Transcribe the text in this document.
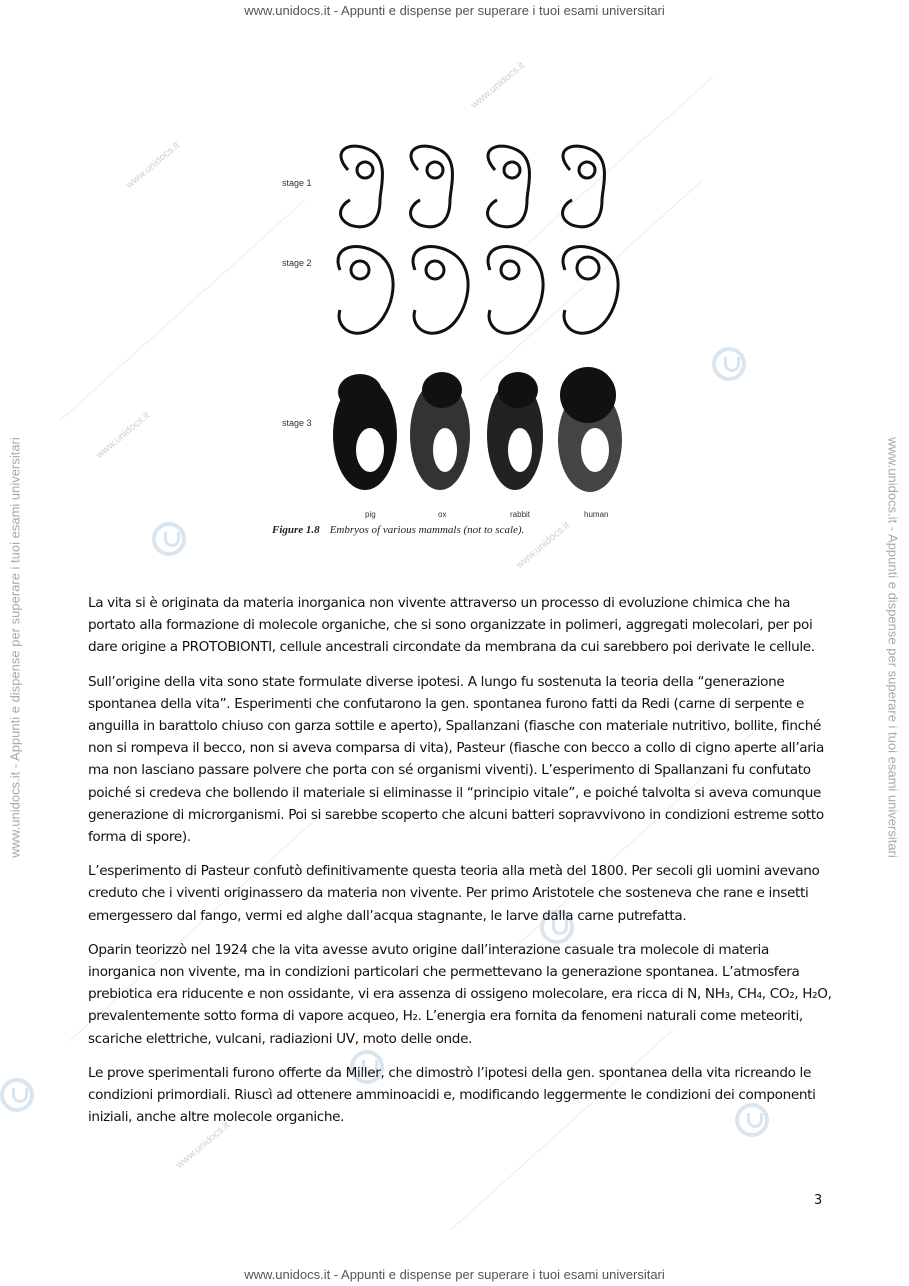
www.unidocs.it
www.unidocs.it
www.unidocs.it
www.unidocs.it
www.unidocs.it
www.unidocs.it - Appunti e dispense per superare i tuoi esami universitari
www.unidocs.it - Appunti e dispense per superare i tuoi esami universitari
www.unidocs.it - Appunti e dispense per superare i tuoi esami universitari	www.unidocs.it - Appunti e dispense per superare i tuoi esami universitari
stage 1
stage 2
stage 3
pig	ox	rabbit	human
Figure 1.8 Embryos of various mammals (not to scale).

La vita si è originata da materia inorganica non vivente attraverso un processo di evoluzione chimica che ha portato alla formazione di molecole organiche, che si sono organizzate in polimeri, aggregati molecolari, per poi dare origine a PROTOBIONTI, cellule ancestrali circondate da membrana da cui sarebbero poi derivate le cellule.

Sull’origine della vita sono state formulate diverse ipotesi. A lungo fu sostenuta la teoria della “generazione spontanea della vita”. Esperimenti che confutarono la gen. spontanea furono fatti da Redi (carne di serpente e anguilla in barattolo chiuso con garza sottile e aperto), Spallanzani (fiasche con materiale nutritivo, bollite, finché non si rompeva il becco, non si aveva comparsa di vita), Pasteur (fiasche con becco a collo di cigno aperte all’aria ma non lasciano passare polvere che porta con sé organismi viventi). L’esperimento di Spallanzani fu confutato poiché si credeva che bollendo il materiale si eliminasse il “principio vitale”, e poiché talvolta si aveva comunque generazione di microrganismi. Poi si sarebbe scoperto che alcuni batteri sopravvivono in condizioni estreme sotto forma di spore).

L’esperimento di Pasteur confutò definitivamente questa teoria alla metà del 1800. Per secoli gli uomini avevano creduto che i viventi originassero da materia non vivente. Per primo Aristotele che sosteneva che rane e insetti emergessero dal fango, vermi ed alghe dall’acqua stagnante, le larve dalla carne putrefatta.

Oparin teorizzò nel 1924 che la vita avesse avuto origine dall’interazione casuale tra molecole di materia inorganica non vivente, ma in condizioni particolari che permettevano la generazione spontanea. L’atmosfera prebiotica era riducente e non ossidante, vi era assenza di ossigeno molecolare, era ricca di N, NH₃, CH₄, CO₂, H₂O, prevalentemente sotto forma di vapore acqueo, H₂. L’energia era fornita da fenomeni naturali come meteoriti, scariche elettriche, vulcani, radiazioni UV, moto delle onde.

Le prove sperimentali furono offerte da Miller, che dimostrò l’ipotesi della gen. spontanea della vita ricreando le condizioni primordiali. Riuscì ad ottenere amminoacidi e, modificando leggermente le condizioni dei componenti iniziali, anche altre molecole organiche.

3
